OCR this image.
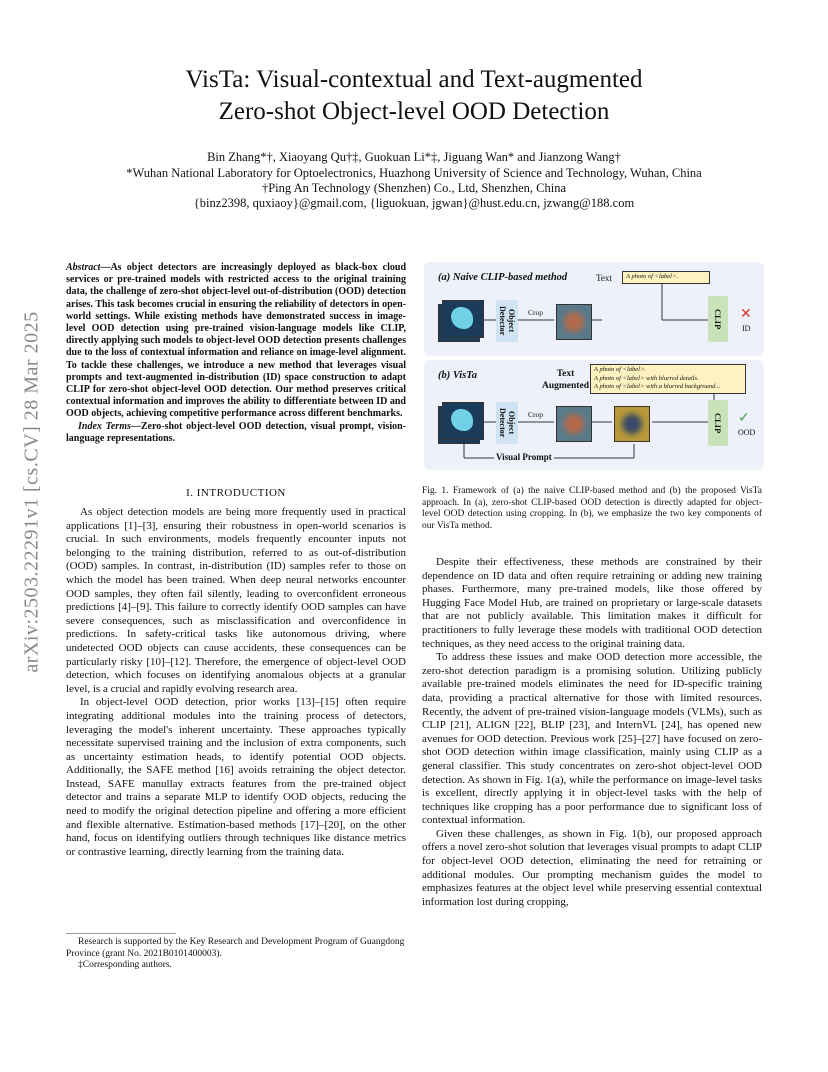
VisTa: Visual-contextual and Text-augmented
Zero-shot Object-level OOD Detection
Bin Zhang*†, Xiaoyang Qu†‡, Guokuan Li*‡, Jiguang Wan* and Jianzong Wang†
*Wuhan National Laboratory for Optoelectronics, Huazhong University of Science and Technology, Wuhan, China
†Ping An Technology (Shenzhen) Co., Ltd, Shenzhen, China
{binz2398, quxiaoy}@gmail.com, {liguokuan, jgwan}@hust.edu.cn, jzwang@188.com
arXiv:2503.22291v1 [cs.CV] 28 Mar 2025
Abstract—As object detectors are increasingly deployed as black-box cloud services or pre-trained models with restricted access to the original training data, the challenge of zero-shot object-level out-of-distribution (OOD) detection arises. This task becomes crucial in ensuring the reliability of detectors in open-world settings. While existing methods have demonstrated success in image-level OOD detection using pre-trained vision-language models like CLIP, directly applying such models to object-level OOD detection presents challenges due to the loss of contextual information and reliance on image-level alignment. To tackle these challenges, we introduce a new method that leverages visual prompts and text-augmented in-distribution (ID) space construction to adapt CLIP for zero-shot object-level OOD detection. Our method preserves critical contextual information and improves the ability to differentiate between ID and OOD objects, achieving competitive performance across different benchmarks.
Index Terms—Zero-shot object-level OOD detection, visual prompt, vision-language representations.
I. INTRODUCTION

As object detection models are being more frequently used in practical applications [1]–[3], ensuring their robustness in open-world scenarios is crucial. In such environments, models frequently encounter inputs not belonging to the training distribution, referred to as out-of-distribution (OOD) samples. In contrast, in-distribution (ID) samples refer to those on which the model has been trained. When deep neural networks encounter OOD samples, they often fail silently, leading to overconfident erroneous predictions [4]–[9]. This failure to correctly identify OOD samples can have severe consequences, such as misclassification and overconfidence in predictions. In safety-critical tasks like autonomous driving, where undetected OOD objects can cause accidents, these consequences can be particularly risky [10]–[12]. Therefore, the emergence of object-level OOD detection, which focuses on identifying anomalous objects at a granular level, is a crucial and rapidly evolving research area.

In object-level OOD detection, prior works [13]–[15] often require integrating additional modules into the training process of detectors, leveraging the model's inherent uncertainty. These approaches typically necessitate supervised training and the inclusion of extra components, such as uncertainty estimation heads, to identify potential OOD objects. Additionally, the SAFE method [16] avoids retraining the object detector. Instead, SAFE manullay extracts features from the pre-trained object detector and trains a separate MLP to identify OOD objects, reducing the need to modify the original detection pipeline and offering a more efficient and flexible alternative. Estimation-based methods [17]–[20], on the other hand, focus on identifying outliers through techniques like distance metrics or contrastive learning, directly learning from the training data.

Research is supported by the Key Research and Development Program of Guangdong Province (grant No. 2021B0101400003).
‡Corresponding authors.
(a) Naive CLIP-based method	Text	A photo of <label>.
Object Detector	Crop	CLIP	✕
ID
(b) VisTa	Text
Augmented
A photo of <label>.
A photo of <label> with blurred details.
A photo of <label> with a blurred background...
Object Detector	Crop	CLIP	✓
OOD
Visual Prompt
Fig. 1. Framework of (a) the naive CLIP-based method and (b) the proposed VisTa approach. In (a), zero-shot CLIP-based OOD detection is directly adapted for object-level OOD detection using cropping. In (b), we emphasize the two key components of our VisTa method.

Despite their effectiveness, these methods are constrained by their dependence on ID data and often require retraining or adding new training phases. Furthermore, many pre-trained models, like those offered by Hugging Face Model Hub, are trained on proprietary or large-scale datasets that are not publicly available. This limitation makes it difficult for practitioners to fully leverage these models with traditional OOD detection techniques, as they need access to the original training data.

To address these issues and make OOD detection more accessible, the zero-shot detection paradigm is a promising solution. Utilizing publicly available pre-trained models eliminates the need for ID-specific training data, providing a practical alternative for those with limited resources. Recently, the advent of pre-trained vision-language models (VLMs), such as CLIP [21], ALIGN [22], BLIP [23], and InternVL [24], has opened new avenues for OOD detection. Previous work [25]–[27] have focused on zero-shot OOD detection within image classification, mainly using CLIP as a general classifier. This study concentrates on zero-shot object-level OOD detection. As shown in Fig. 1(a), while the performance on image-level tasks is excellent, directly applying it in object-level tasks with the help of techniques like cropping has a poor performance due to significant loss of contextual information.

Given these challenges, as shown in Fig. 1(b), our proposed approach offers a novel zero-shot solution that leverages visual prompts to adapt CLIP for object-level OOD detection, eliminating the need for retraining or additional modules. Our prompting mechanism guides the model to emphasizes features at the object level while preserving essential contextual information lost during cropping,
